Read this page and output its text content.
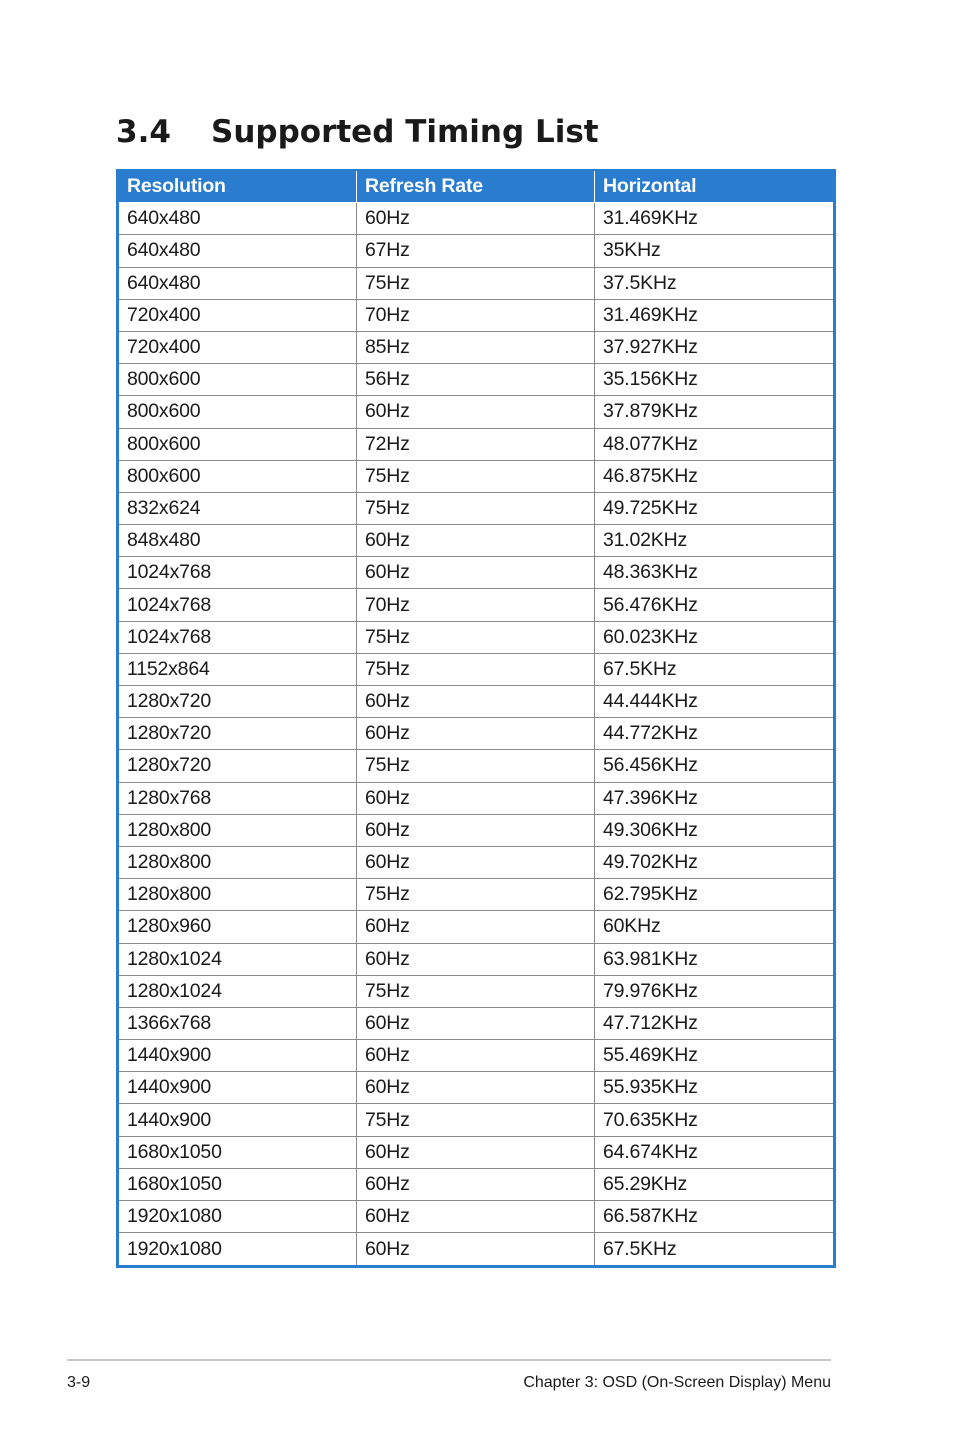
3.4 Supported Timing List
Resolution	Refresh Rate	Horizontal
640x480	60Hz	31.469KHz
640x480	67Hz	35KHz
640x480	75Hz	37.5KHz
720x400	70Hz	31.469KHz
720x400	85Hz	37.927KHz
800x600	56Hz	35.156KHz
800x600	60Hz	37.879KHz
800x600	72Hz	48.077KHz
800x600	75Hz	46.875KHz
832x624	75Hz	49.725KHz
848x480	60Hz	31.02KHz
1024x768	60Hz	48.363KHz
1024x768	70Hz	56.476KHz
1024x768	75Hz	60.023KHz
1152x864	75Hz	67.5KHz
1280x720	60Hz	44.444KHz
1280x720	60Hz	44.772KHz
1280x720	75Hz	56.456KHz
1280x768	60Hz	47.396KHz
1280x800	60Hz	49.306KHz
1280x800	60Hz	49.702KHz
1280x800	75Hz	62.795KHz
1280x960	60Hz	60KHz
1280x1024	60Hz	63.981KHz
1280x1024	75Hz	79.976KHz
1366x768	60Hz	47.712KHz
1440x900	60Hz	55.469KHz
1440x900	60Hz	55.935KHz
1440x900	75Hz	70.635KHz
1680x1050	60Hz	64.674KHz
1680x1050	60Hz	65.29KHz
1920x1080	60Hz	66.587KHz
1920x1080	60Hz	67.5KHz
3-9	Chapter 3: OSD (On-Screen Display) Menu
